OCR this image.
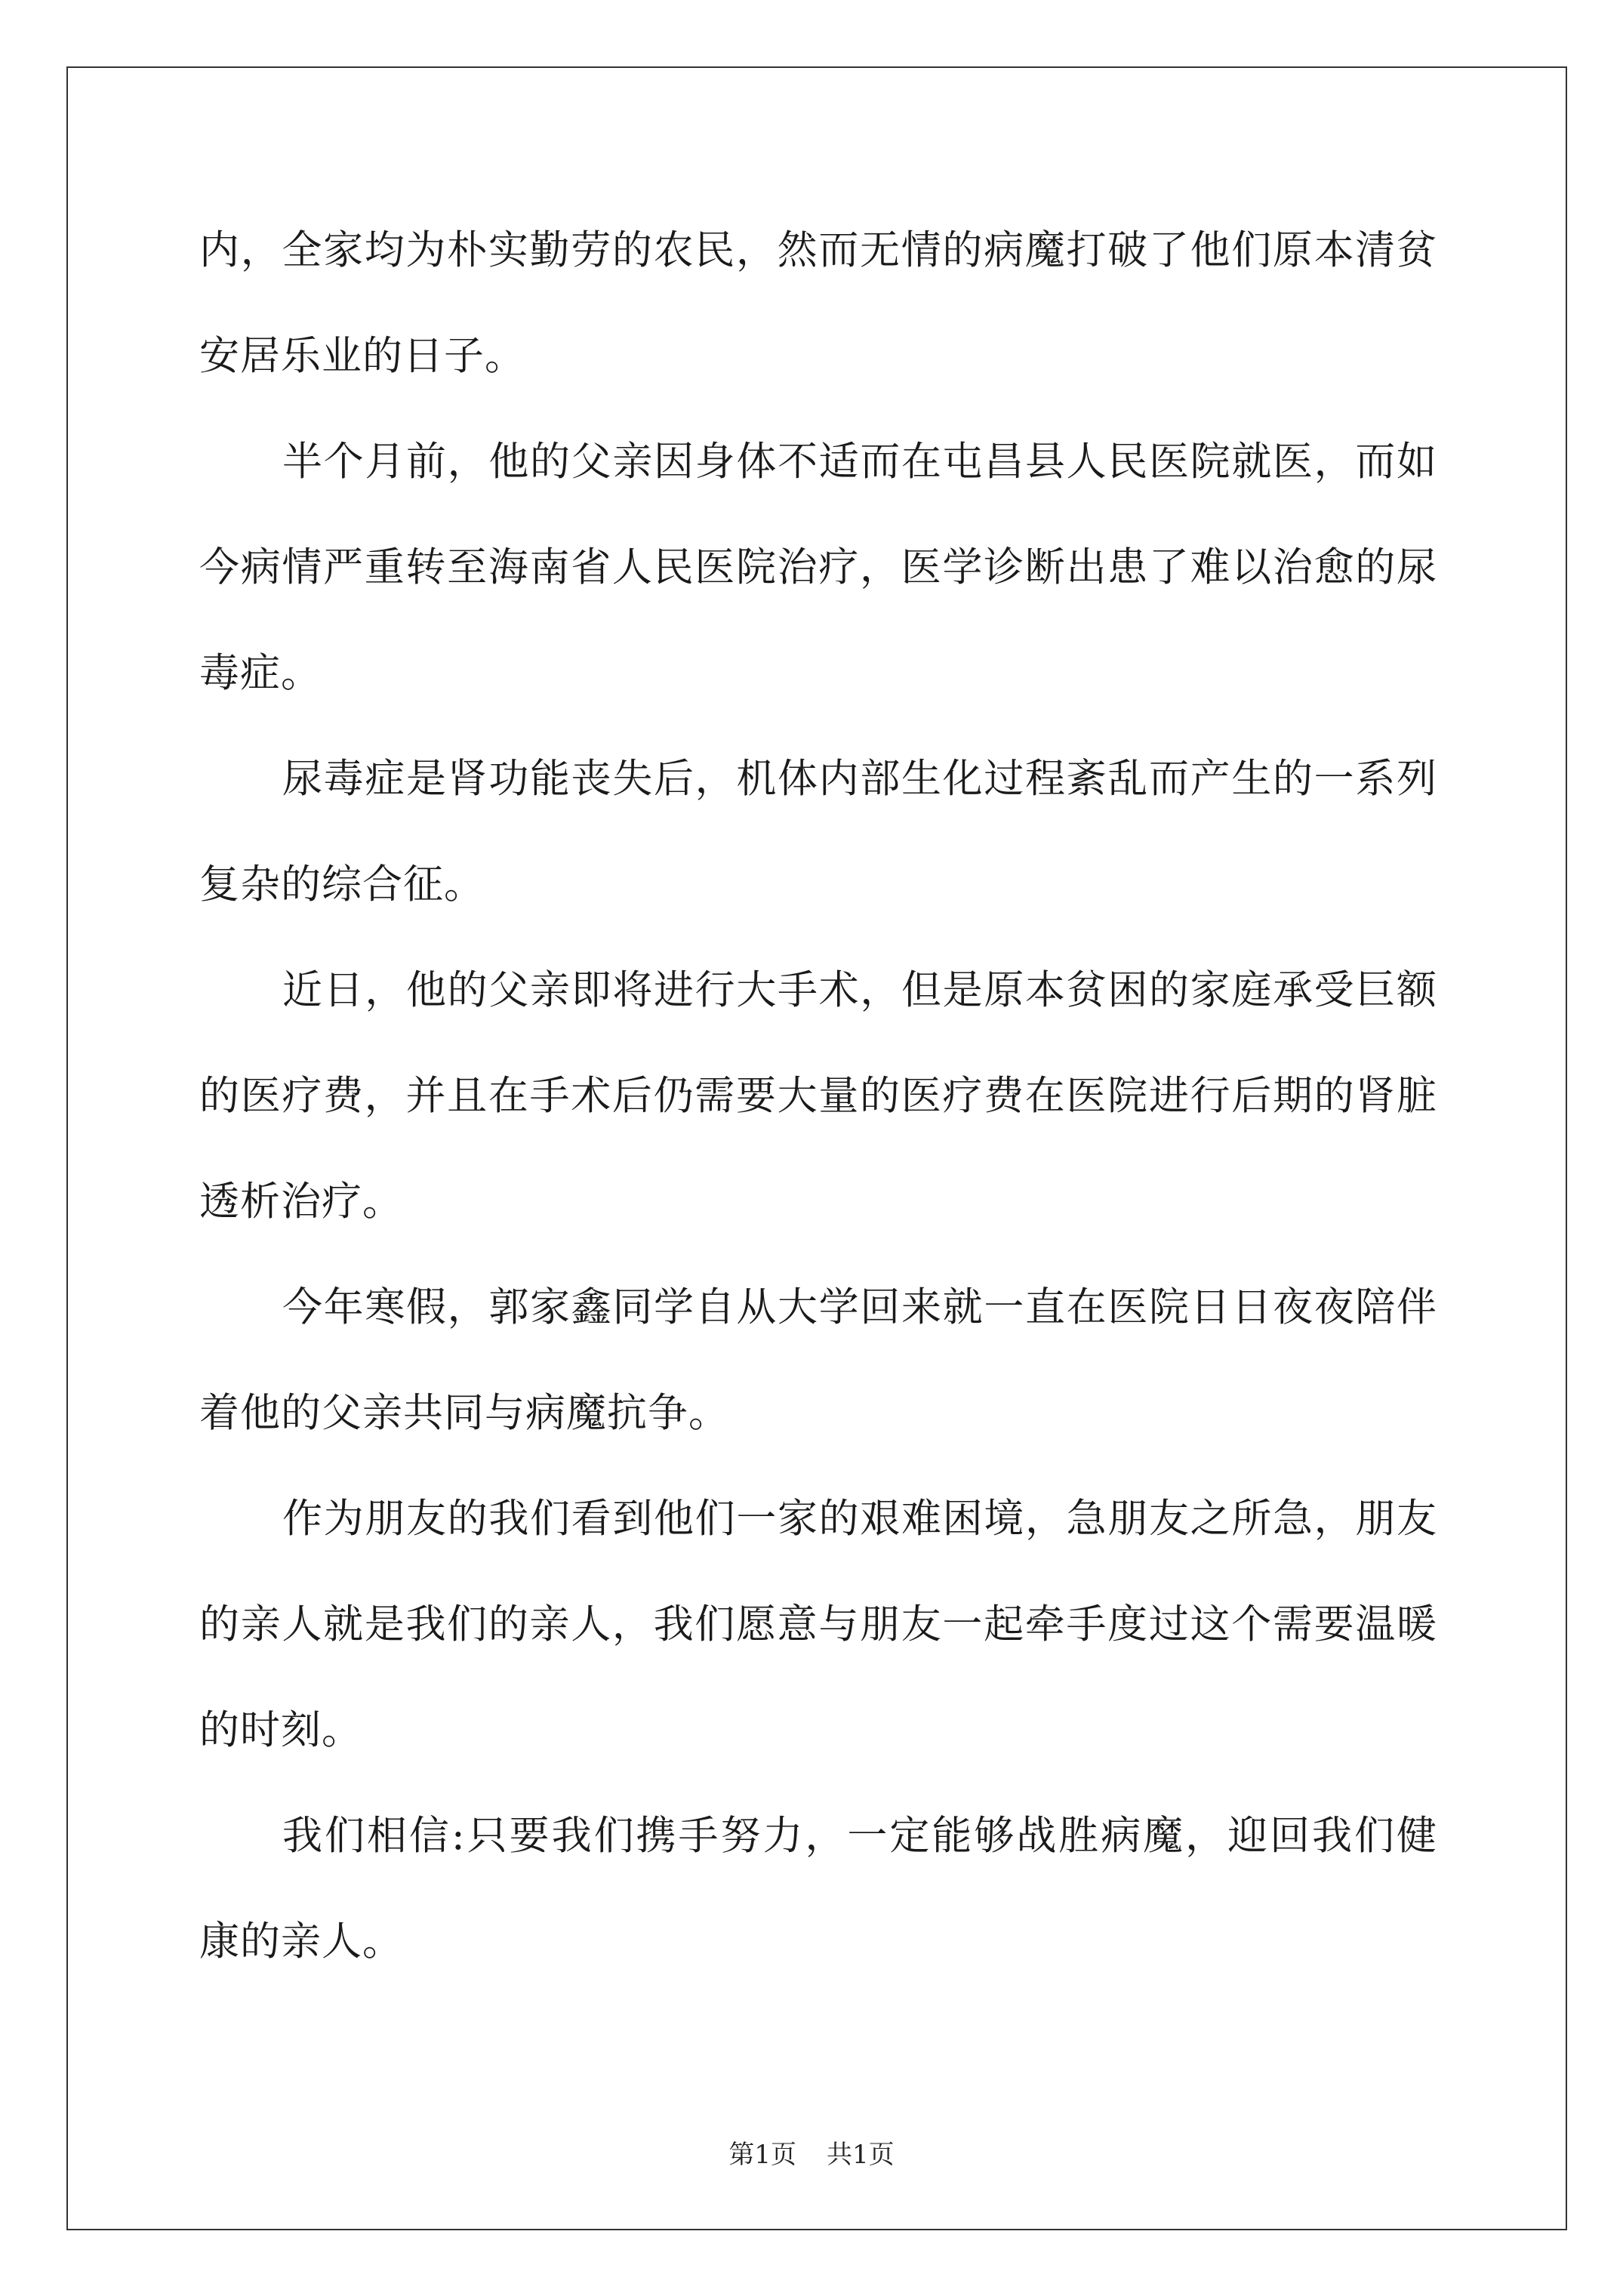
内，全家均为朴实勤劳的农民，然而无情的病魔打破了他们原本清贫安居乐业的日子。

半个月前，他的父亲因身体不适而在屯昌县人民医院就医，而如今病情严重转至海南省人民医院治疗，医学诊断出患了难以治愈的尿毒症。

尿毒症是肾功能丧失后，机体内部生化过程紊乱而产生的一系列复杂的综合征。

近日，他的父亲即将进行大手术，但是原本贫困的家庭承受巨额的医疗费，并且在手术后仍需要大量的医疗费在医院进行后期的肾脏透析治疗。

今年寒假，郭家鑫同学自从大学回来就一直在医院日日夜夜陪伴着他的父亲共同与病魔抗争。

作为朋友的我们看到他们一家的艰难困境，急朋友之所急，朋友的亲人就是我们的亲人，我们愿意与朋友一起牵手度过这个需要温暖的时刻。

我们相信:只要我们携手努力，一定能够战胜病魔，迎回我们健康的亲人。

第1页 共1页
